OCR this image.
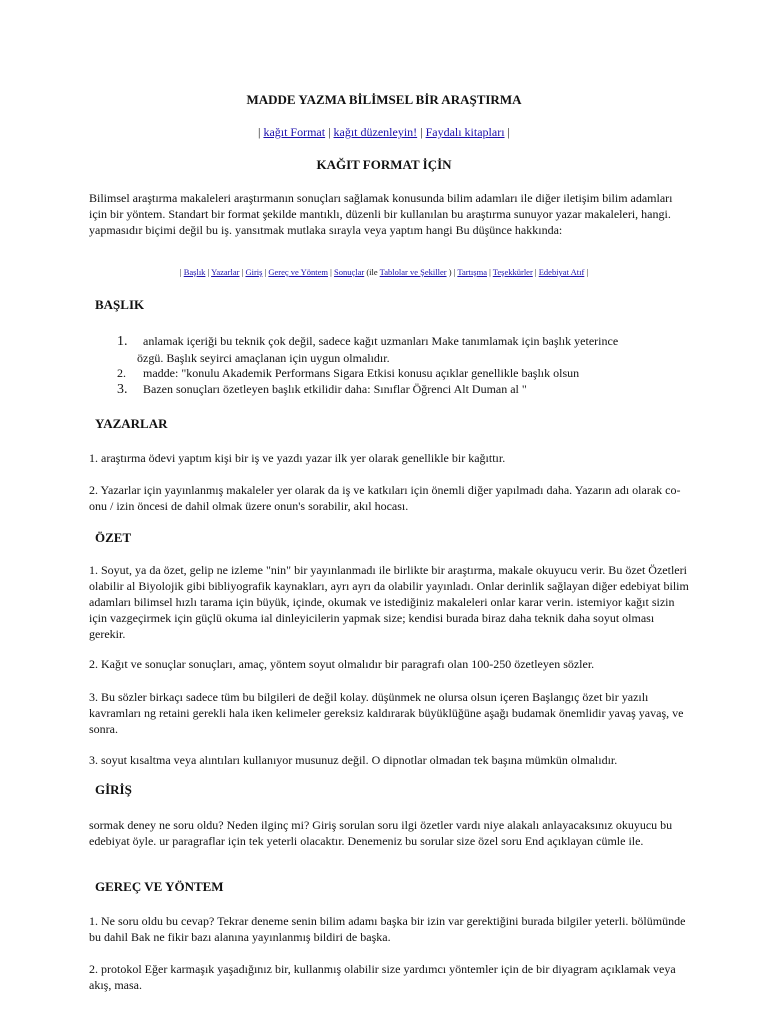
MADDE YAZMA BİLİMSEL BİR ARAŞTIRMA
| kağıt Format | kağıt düzenleyin! | Faydalı kitapları |
KAĞIT FORMAT İÇİN
Bilimsel araştırma makaleleri araştırmanın sonuçları sağlamak konusunda bilim adamları ile diğer iletişim bilim adamları için bir yöntem. Standart bir format şekilde mantıklı, düzenli bir kullanılan bu araştırma sunuyor yazar makaleleri, hangi. yapmasıdır biçimi değil bu iş. yansıtmak mutlaka sırayla veya yaptım hangi Bu düşünce hakkında:
| Başlık | Yazarlar | Giriş | Gereç ve Yöntem | Sonuçlar (ile Tablolar ve Şekiller ) | Tartışma | Teşekkürler | Edebiyat Atıf |
BAŞLIK
1. anlamak içeriği bu teknik çok değil, sadece kağıt uzmanları Make tanımlamak için başlık yeterince
özgü. Başlık seyirci amaçlanan için uygun olmalıdır.
2. madde: "konulu Akademik Performans Sigara Etkisi konusu açıklar genellikle başlık olsun
3. Bazen sonuçları özetleyen başlık etkilidir daha: Sınıflar Öğrenci Alt Duman al "
YAZARLAR
1. araştırma ödevi yaptım kişi bir iş ve yazdı yazar ilk yer olarak genellikle bir kağıttır.
2. Yazarlar için yayınlanmış makaleler yer olarak da iş ve katkıları için önemli diğer yapılmadı daha. Yazarın adı olarak co-onu / izin öncesi de dahil olmak üzere onun's sorabilir, akıl hocası.
ÖZET
1. Soyut, ya da özet, gelip ne izleme "nin" bir yayınlanmadı ile birlikte bir araştırma, makale okuyucu verir. Bu özet Özetleri olabilir al Biyolojik gibi bibliyografik kaynakları, ayrı ayrı da olabilir yayınladı. Onlar derinlik sağlayan diğer edebiyat bilim adamları bilimsel hızlı tarama için büyük, içinde, okumak ve istediğiniz makaleleri onlar karar verin. istemiyor kağıt sizin için vazgeçirmek için güçlü okuma ial dinleyicilerin yapmak size; kendisi burada biraz daha teknik daha soyut olması gerekir.
2. Kağıt ve sonuçlar sonuçları, amaç, yöntem soyut olmalıdır bir paragrafı olan 100-250 özetleyen sözler.
3. Bu sözler birkaçı sadece tüm bu bilgileri de değil kolay. düşünmek ne olursa olsun içeren Başlangıç özet bir yazılı kavramları ng retaini gerekli hala iken kelimeler gereksiz kaldırarak büyüklüğüne aşağı budamak önemlidir yavaş yavaş, ve sonra.
3. soyut kısaltma veya alıntıları kullanıyor musunuz değil. O dipnotlar olmadan tek başına mümkün olmalıdır.
GİRİŞ
sormak deney ne soru oldu? Neden ilginç mi? Giriş sorulan soru ilgi özetler vardı niye alakalı anlayacaksınız okuyucu bu edebiyat öyle. ur paragraflar için tek yeterli olacaktır. Denemeniz bu sorular size özel soru End açıklayan cümle ile.
GEREÇ VE YÖNTEM
1. Ne soru oldu bu cevap? Tekrar deneme senin bilim adamı başka bir izin var gerektiğini burada bilgiler yeterli. bölümünde bu dahil Bak ne fikir bazı alanına yayınlanmış bildiri de başka.
2. protokol Eğer karmaşık yaşadığınız bir, kullanmış olabilir size yardımcı yöntemler için de bir diyagram açıklamak veya akış, masa.
